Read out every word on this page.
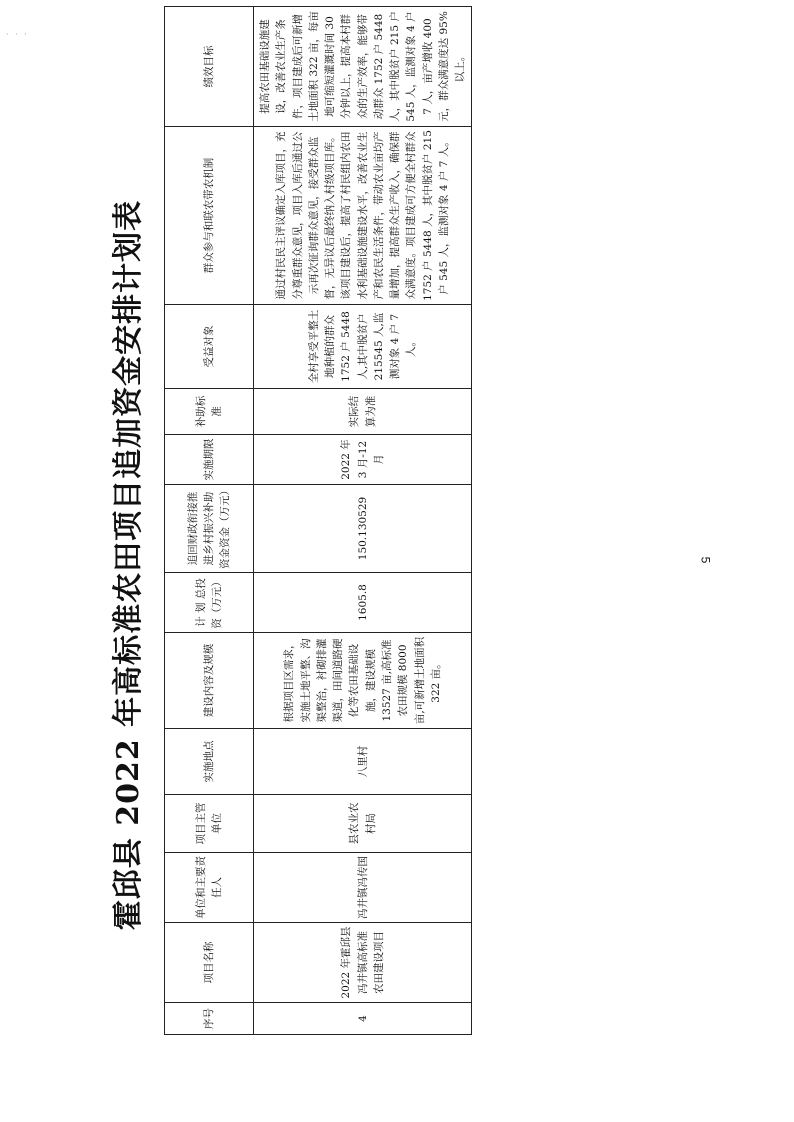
· · ·
霍邱县 2022 年高标准农田项目追加资金安排计划表
序号	项目名称	单位和主要责任人	项目主管单位	实施地点	建设内容及规模	计 划 总投资（万元）	追回财政衔接推进乡村振兴补助资金资金（万元）	实施期限	补助标准	受益对象	群众参与和联农带农机制	绩效目标
4	2022 年霍邱县冯井镇高标准农田建设项目	冯井镇冯传国	县农业农村局	八里村	根据项目区需求，实施土地平整、沟渠整治，衬砌排灌渠道，田间道路硬化等农田基础设施，建设规模 13527 亩,高标准农田规模 8000 亩,可新增土地面积 322 亩。	1605.8	150.130529	2022 年 3 月-12 月	实际结算为准	全村享受平整土地种植的群众 1752 户 5448 人,其中脱贫户 215545 人,监测对象 4 户 7 人。	通过村民民主评议确定入库项目，充分尊重群众意见，项目入库后通过公示再次征询群众意见，接受群众监督，无异议后最终纳入村级项目库。该项目建设后，提高了村民组内农田水利基础设施建设水平，改善农业生产和农民生活条件，带动农业亩均产量增加，提高群众生产收入，确保群众满意度。项目建成可方便全村群众 1752 户 5448 人，其中脱贫户 215 户 545 人，监测对象 4 户 7 人。	提高农田基础设施建设，改善农业生产条件，项目建成后可新增土地面积 322 亩，每亩地可缩短灌溉时间 30 分钟以上，提高本村群众的生产效率，能够带动群众 1752 户 5448 人，其中脱贫户 215 户 545 人，监测对象 4 户 7 人，亩产增收 400 元，群众满意度达 95%以上。
5
